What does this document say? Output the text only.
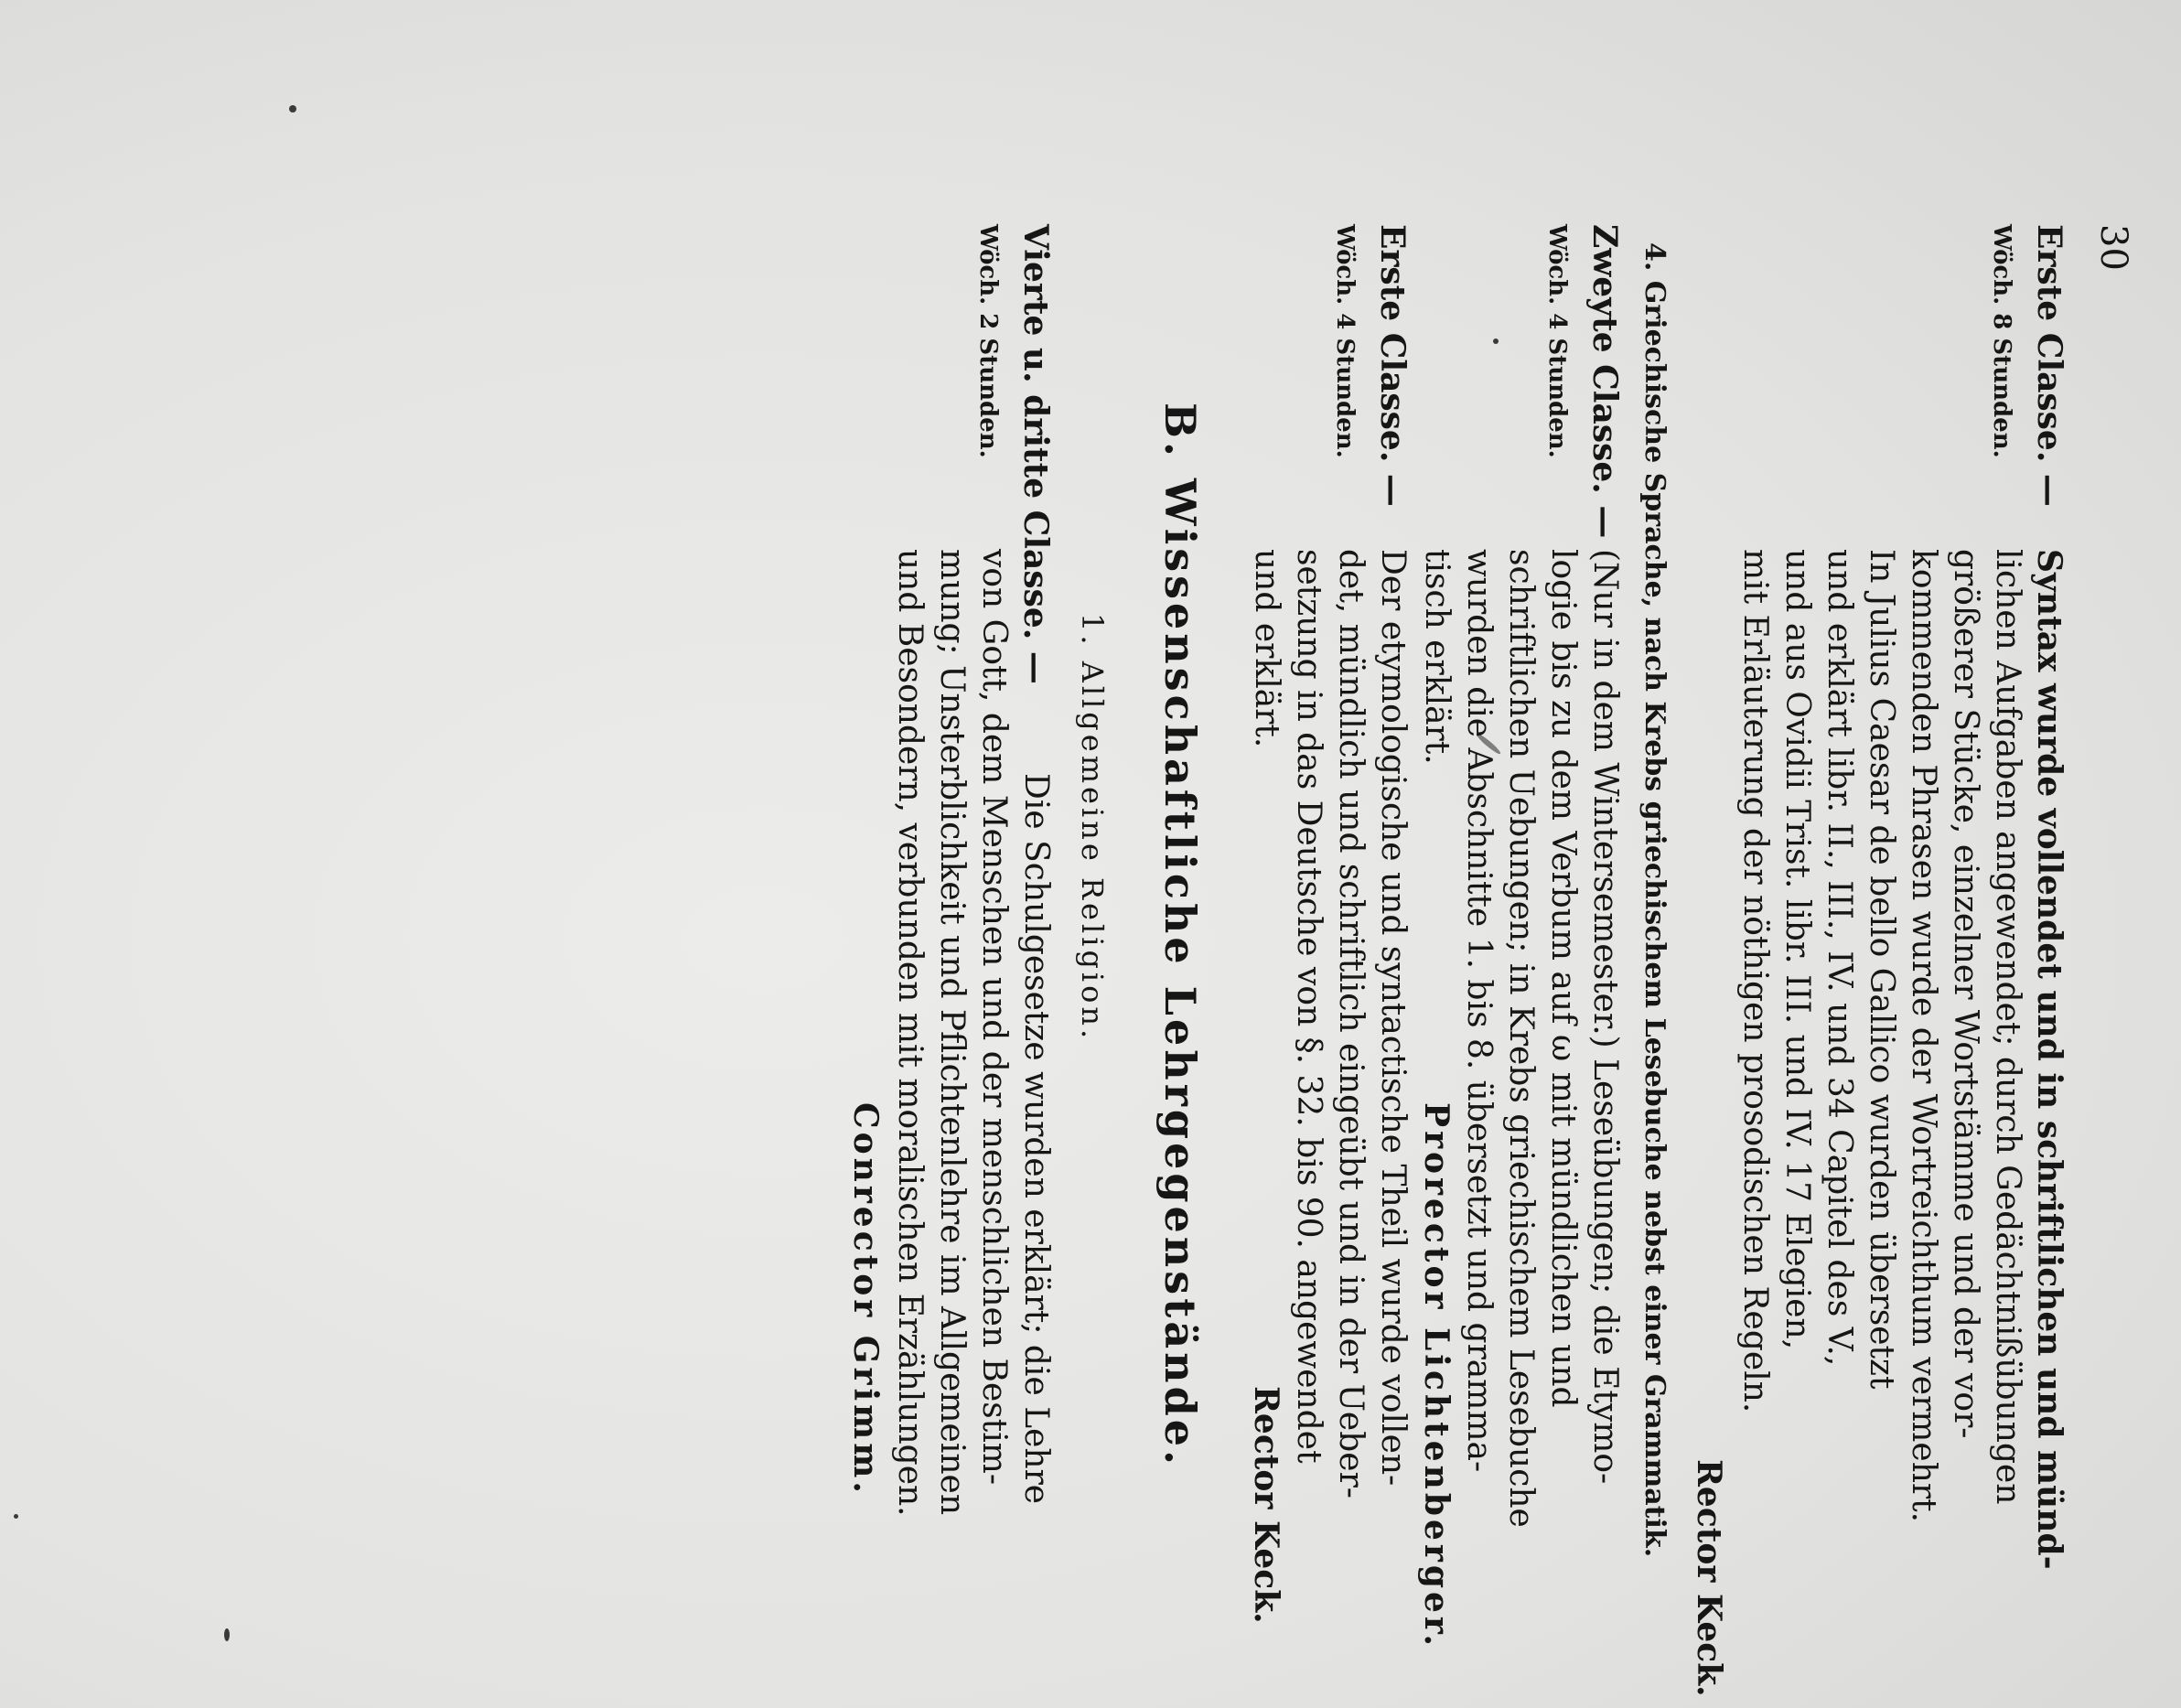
30
Erste Classe. —
Syntax wurde vollendet und in schriftlichen und münd-
Wöch. 8 Stunden.
lichen Aufgaben angewendet; durch Gedächtnißübungen
größerer Stücke, einzelner Wortstämme und der vor-
kommenden Phrasen wurde der Wortreichthum vermehrt.
In Julius Caesar de bello Gallico wurden übersetzt
und erklärt libr. II., III., IV. und 34 Capitel des V.,
und aus Ovidii Trist. libr. III. und IV. 17 Elegien,
mit Erläuterung der nöthigen prosodischen Regeln.
Rector Keck.
4. Griechische Sprache, nach Krebs griechischem Lesebuche nebst einer Grammatik.
Zweyte Classe. —
(Nur in dem Wintersemester.) Leseübungen; die Etymo-
Wöch. 4 Stunden.
logie bis zu dem Verbum auf ω mit mündlichen und
schriftlichen Uebungen; in Krebs griechischem Lesebuche
wurden die Abschnitte 1. bis 8. übersetzt und gramma-
tisch erklärt.
Prorector Lichtenberger.
Erste Classe. —
Der etymologische und syntactische Theil wurde vollen-
Wöch. 4 Stunden.
det, mündlich und schriftlich eingeübt und in der Ueber-
setzung in das Deutsche von §. 32. bis 90. angewendet
und erklärt.
Rector Keck.
B. Wissenschaftliche Lehrgegenstände.
1. Allgemeine Religion.
Vierte u. dritte Classe. —
Die Schulgesetze wurden erklärt; die Lehre
Wöch. 2 Stunden.
von Gott, dem Menschen und der menschlichen Bestim-
mung; Unsterblichkeit und Pflichtenlehre im Allgemeinen
und Besondern, verbunden mit moralischen Erzählungen.
Conrector Grimm.
